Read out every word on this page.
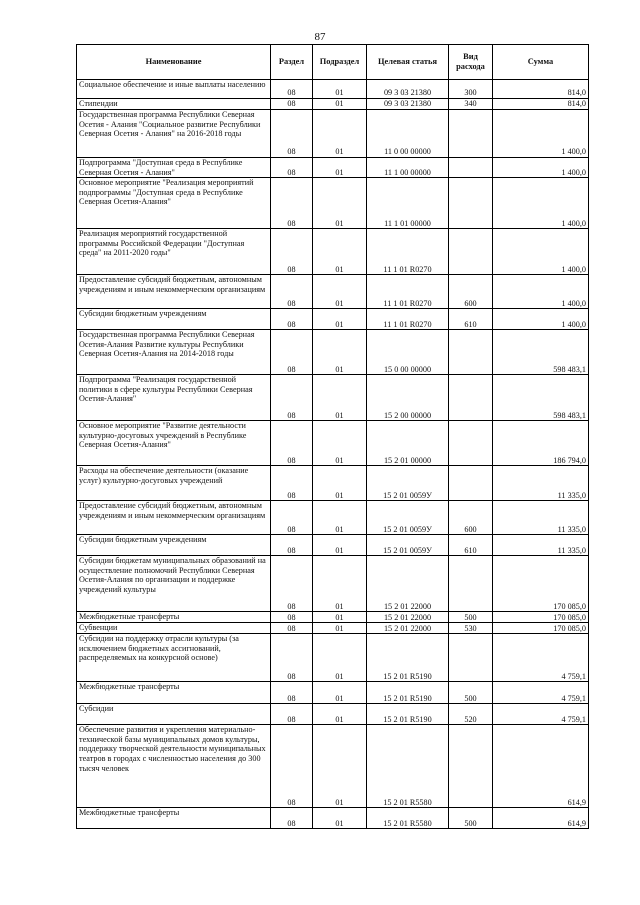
87
Наименование	Раздел	Подраздел	Целевая статья	Вид расхода	Сумма
Социальное обеспечение и иные выплаты населению	08	01	09 3 03 21380	300	814,0
Стипендии	08	01	09 3 03 21380	340	814,0
Государственная программа Республики Северная Осетия - Алания "Социальное развитие Республики Северная Осетия - Алания" на 2016-2018 годы	08	01	11 0 00 00000		1 400,0
Подпрограмма "Доступная среда в Республике Северная Осетия - Алания"	08	01	11 1 00 00000		1 400,0
Основное мероприятие "Реализация мероприятий подпрограммы "Доступная среда в Республике Северная Осетия-Алания"	08	01	11 1 01 00000		1 400,0
Реализация мероприятий государственной программы Российской Федерации "Доступная среда" на 2011-2020 годы"	08	01	11 1 01 R0270		1 400,0
Предоставление субсидий бюджетным, автономным учреждениям и иным некоммерческим организациям	08	01	11 1 01 R0270	600	1 400,0
Субсидии бюджетным учреждениям	08	01	11 1 01 R0270	610	1 400,0
Государственная программа Республики Северная Осетия-Алания Развитие культуры Республики Северная Осетия-Алания на 2014-2018 годы	08	01	15 0 00 00000		598 483,1
Подпрограмма "Реализация государственной политики в сфере культуры Республики Северная Осетия-Алания"	08	01	15 2 00 00000		598 483,1
Основное мероприятие "Развитие деятельности культурно-досуговых учреждений в Республике Северная Осетия-Алания"	08	01	15 2 01 00000		186 794,0
Расходы на обеспечение деятельности (оказание услуг) культурно-досуговых учреждений	08	01	15 2 01 0059У		11 335,0
Предоставление субсидий бюджетным, автономным учреждениям и иным некоммерческим организациям	08	01	15 2 01 0059У	600	11 335,0
Субсидии бюджетным учреждениям	08	01	15 2 01 0059У	610	11 335,0
Субсидии бюджетам муниципальных образований на осуществление полномочий Республики Северная Осетия-Алания по организации и поддержке учреждений культуры	08	01	15 2 01 22000		170 085,0
Межбюджетные трансферты	08	01	15 2 01 22000	500	170 085,0
Субвенции	08	01	15 2 01 22000	530	170 085,0
Субсидии на поддержку отрасли культуры (за исключением бюджетных ассигнований, распределяемых на конкурсной основе)	08	01	15 2 01 R5190		4 759,1
Межбюджетные трансферты	08	01	15 2 01 R5190	500	4 759,1
Субсидии	08	01	15 2 01 R5190	520	4 759,1
Обеспечение развития и укрепления материально-технической базы муниципальных домов культуры, поддержку творческой деятельности муниципальных театров в городах с численностью населения до 300 тысяч человек	08	01	15 2 01 R5580		614,9
Межбюджетные трансферты	08	01	15 2 01 R5580	500	614,9
